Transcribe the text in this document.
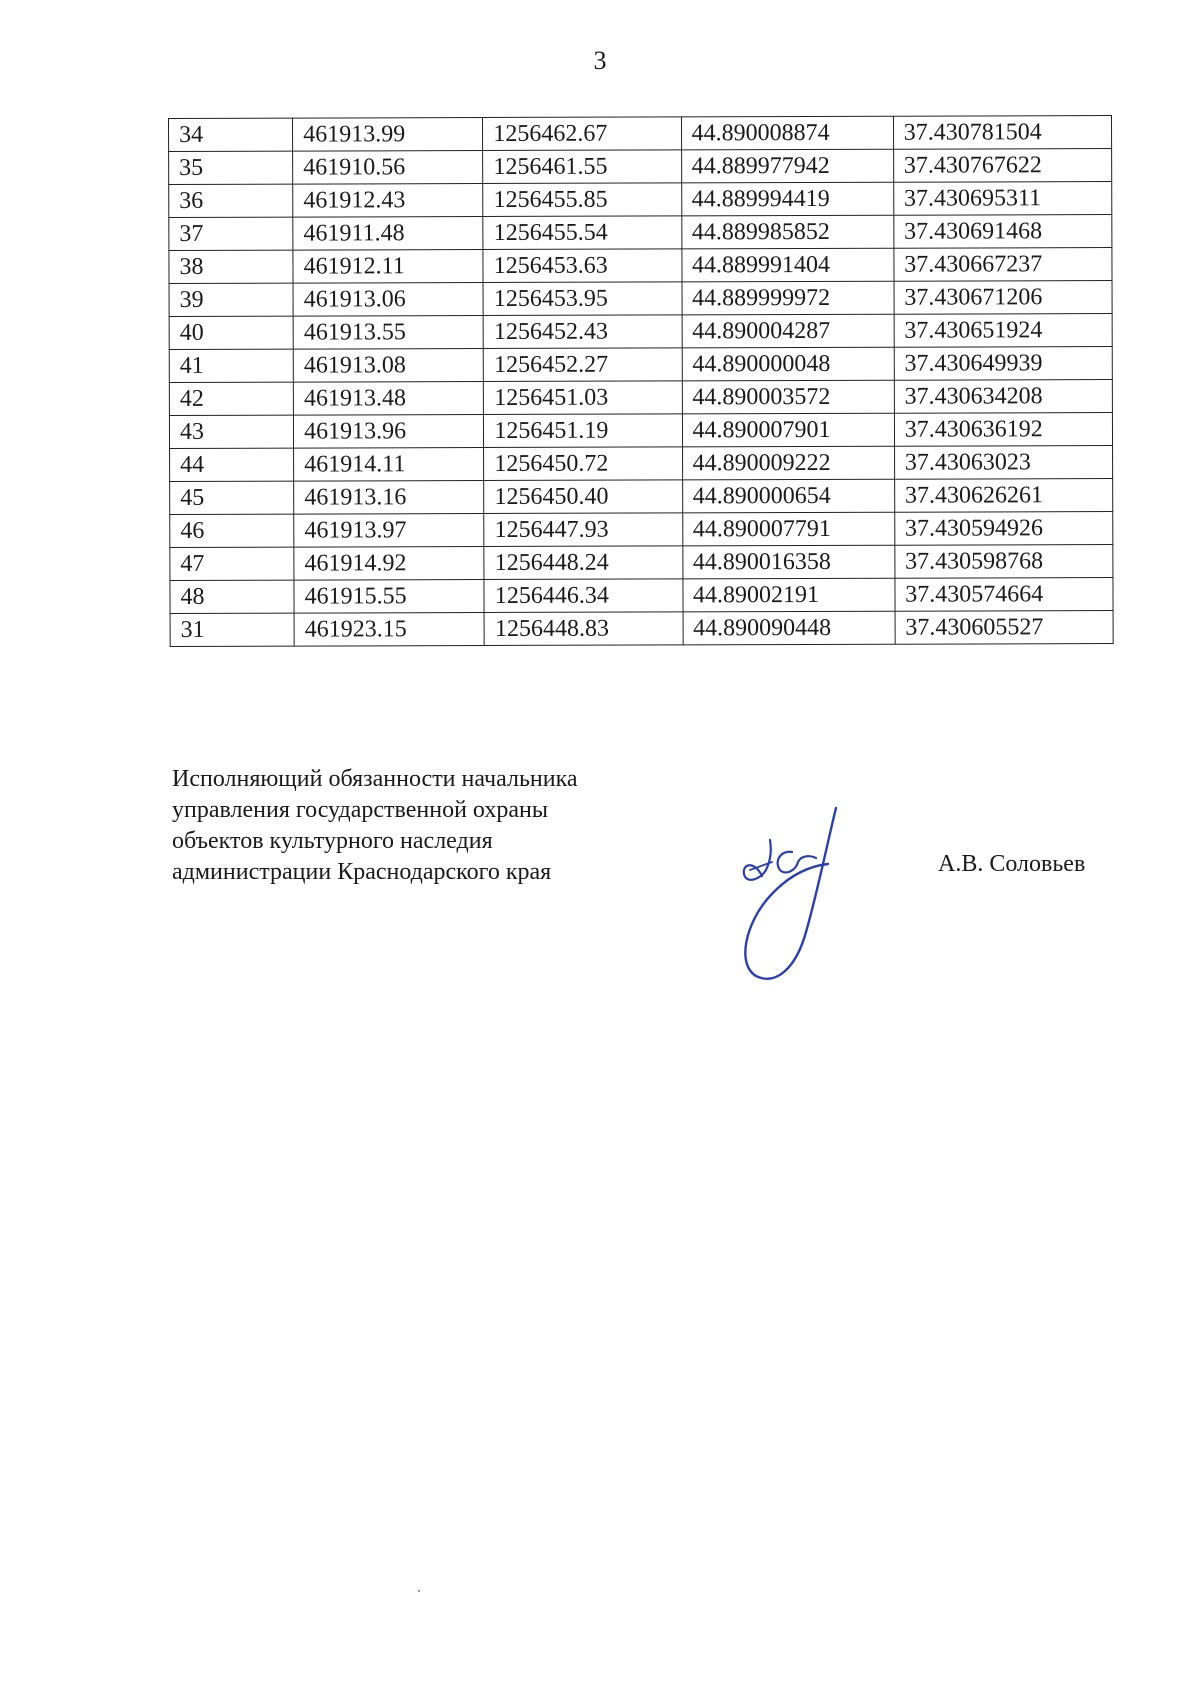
3
34	461913.99	1256462.67	44.890008874	37.430781504
35	461910.56	1256461.55	44.889977942	37.430767622
36	461912.43	1256455.85	44.889994419	37.430695311
37	461911.48	1256455.54	44.889985852	37.430691468
38	461912.11	1256453.63	44.889991404	37.430667237
39	461913.06	1256453.95	44.889999972	37.430671206
40	461913.55	1256452.43	44.890004287	37.430651924
41	461913.08	1256452.27	44.890000048	37.430649939
42	461913.48	1256451.03	44.890003572	37.430634208
43	461913.96	1256451.19	44.890007901	37.430636192
44	461914.11	1256450.72	44.890009222	37.43063023
45	461913.16	1256450.40	44.890000654	37.430626261
46	461913.97	1256447.93	44.890007791	37.430594926
47	461914.92	1256448.24	44.890016358	37.430598768
48	461915.55	1256446.34	44.89002191	37.430574664
31	461923.15	1256448.83	44.890090448	37.430605527
Исполняющий обязанности начальника
управления государственной охраны
объектов культурного наследия
администрации Краснодарского края	А.В. Соловьев
